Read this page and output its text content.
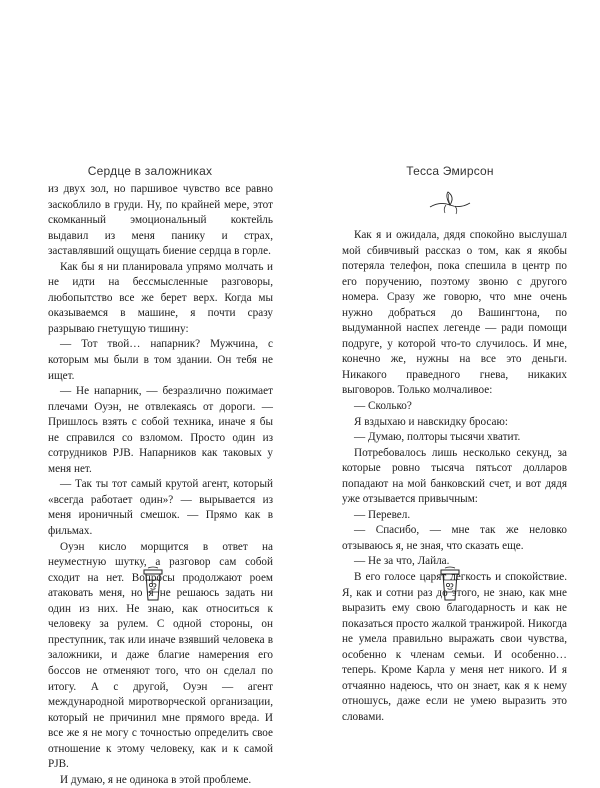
Сердце в заложниках

из двух зол, но паршивое чувство все равно заскоблило в груди. Ну, по крайней мере, этот скомканный эмоциональный коктейль выдавил из меня панику и страх, заставлявший ощущать биение сердца в горле.

Как бы я ни планировала упрямо молчать и не идти на бессмысленные разговоры, любопытство все же берет верх. Когда мы оказываемся в машине, я почти сразу разрываю гнетущую тишину:

— Тот твой… напарник? Мужчина, с которым мы были в том здании. Он тебя не ищет.

— Не напарник, — безразлично пожимает плечами Оуэн, не отвлекаясь от дороги. — Пришлось взять с собой техника, иначе я бы не справился со взломом. Просто один из сотрудников PJB. Напарников как таковых у меня нет.

— Так ты тот самый крутой агент, который «всегда работает один»? — вырывается из меня ироничный смешок. — Прямо как в фильмах.

Оуэн кисло морщится в ответ на неуместную шутку, а разговор сам собой сходит на нет. Вопросы продолжают роем атаковать меня, но я не решаюсь задать ни один из них. Не знаю, как относиться к человеку за рулем. С одной стороны, он преступник, так или иначе взявший человека в заложники, и даже благие намерения его боссов не отменяют того, что он сделал по итогу. А с другой, Оуэн — агент международной миротворческой организации, который не причинил мне прямого вреда. И все же я не могу с точностью определить свое отношение к этому человеку, как и к самой PJB.

И думаю, я не одинока в этой проблеме.

Тесса Эмирсон

Как я и ожидала, дядя спокойно выслушал мой сбивчивый рассказ о том, как я якобы потеряла телефон, пока спешила в центр по его поручению, поэтому звоню с другого номера. Сразу же говорю, что мне очень нужно добраться до Вашингтона, по выдуманной наспех легенде — ради помощи подруге, у которой что-то случилось. И мне, конечно же, нужны на все это деньги. Никакого праведного гнева, никаких выговоров. Только молчаливое:

— Сколько?

Я вздыхаю и навскидку бросаю:

— Думаю, полторы тысячи хватит.

Потребовалось лишь несколько секунд, за которые ровно тысяча пятьсот долларов попадают на мой банковский счет, и вот дядя уже отзывается привычным:

— Перевел.

— Спасибо, — мне так же неловко отзываюсь я, не зная, что сказать еще.

— Не за что, Лайла.

В его голосе царят легкость и спокойствие. Я, как и сотни раз до этого, не знаю, как мне выразить ему свою благодарность и как не показаться просто жалкой транжирой. Никогда не умела правильно выражать свои чувства, особенно к членам семьи. И особенно… теперь. Кроме Карла у меня нет никого. И я отчаянно надеюсь, что он знает, как я к нему отношусь, даже если не умею выразить это словами.
